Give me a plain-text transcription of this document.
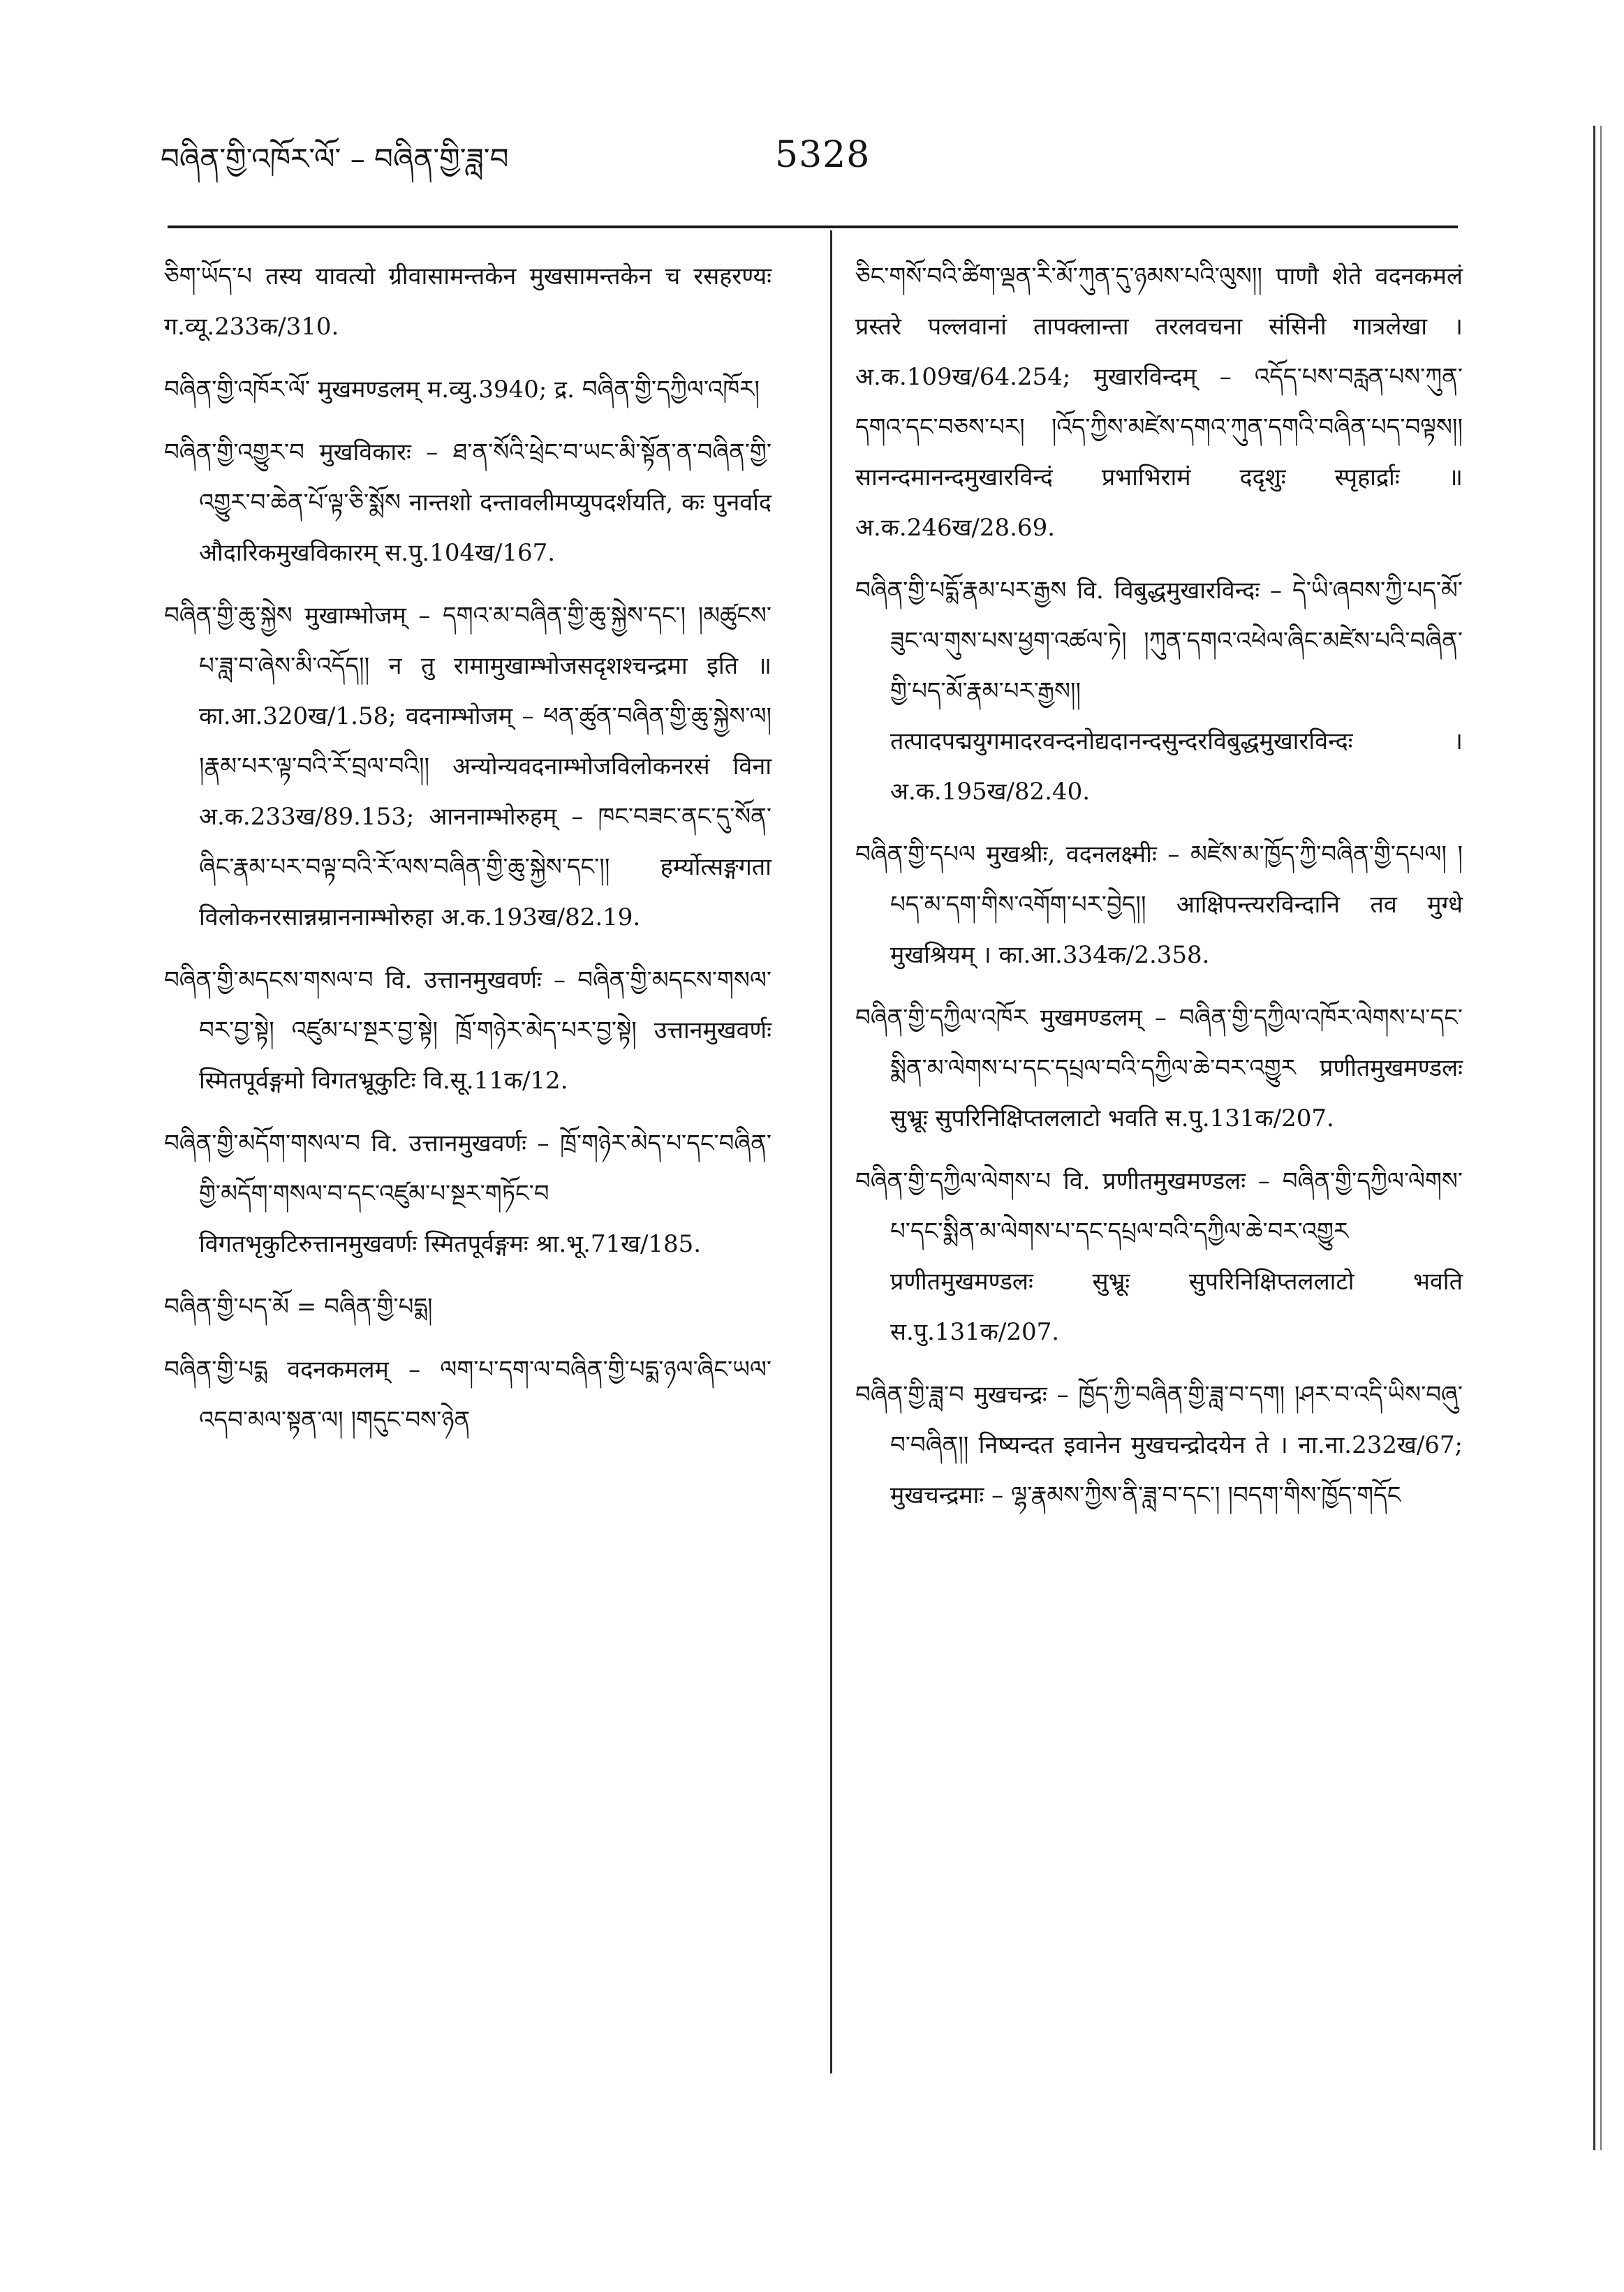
བཞིན་གྱི་འཁོར་ལོ་ – བཞིན་གྱི་ཟླ་བ	5328

ཅིག་ཡོད་པ तस्य यावत्यो ग्रीवासामन्तकेन मुखसामन्तकेन च रसहरण्यः ग.व्यू.233क/310.

བཞིན་གྱི་འཁོར་ལོ་ मुखमण्डलम् म.व्यु.3940; द्र. བཞིན་གྱི་དཀྱིལ་འཁོར།

བཞིན་གྱི་འགྱུར་བ मुखविकारः – ཐ་ན་སོའི་ཕྲེང་བ་ཡང་མི་སྟོན་ན་བཞིན་གྱི་འགྱུར་བ་ཆེན་པོ་ལྟ་ཅི་སྨོས नान्तशो दन्तावलीमप्युपदर्शयति, कः पुनर्वाद औदारिकमुखविकारम् स.पु.104ख/167.

བཞིན་གྱི་ཆུ་སྐྱེས मुखाम्भोजम् – དགའ་མ་བཞིན་གྱི་ཆུ་སྐྱེས་དང་། །མཚུངས་པ་ཟླ་བ་ཞེས་མི་འདོད།། न तु रामामुखाम्भोजसदृशश्चन्द्रमा इति ॥ का.आ.320ख/1.58; वदनाम्भोजम् – ཕན་ཚུན་བཞིན་གྱི་ཆུ་སྐྱེས་ལ། །རྣམ་པར་ལྟ་བའི་རོ་བྲལ་བའི།། अन्योन्यवदनाम्भोजविलोकनरसं विना अ.क.233ख/89.153; आननाम्भोरुहम् – ཁང་བཟང་ནང་དུ་སོན་ཞིང་རྣམ་པར་བལྟ་བའི་རོ་ལས་བཞིན་གྱི་ཆུ་སྐྱེས་དང་།། हर्म्योत्सङ्गगता विलोकनरसान्नम्राननाम्भोरुहा अ.क.193ख/82.19.

བཞིན་གྱི་མདངས་གསལ་བ वि. उत्तानमुखवर्णः – བཞིན་གྱི་མདངས་གསལ་བར་བྱ་སྟེ། འཛུམ་པ་སྔར་བྱ་སྟེ། ཁྲོ་གཉེར་མེད་པར་བྱ་སྟེ། उत्तानमुखवर्णः स्मितपूर्वङ्गमो विगतभ्रूकुटिः वि.सू.11क/12.

བཞིན་གྱི་མདོག་གསལ་བ वि. उत्तानमुखवर्णः – ཁྲོ་གཉེར་མེད་པ་དང་བཞིན་གྱི་མདོག་གསལ་བ་དང་འཛུམ་པ་སྔར་གཏོང་བ विगतभृकुटिरुत्तानमुखवर्णः स्मितपूर्वङ्गमः श्रा.भू.71ख/185.

བཞིན་གྱི་པད་མོ = བཞིན་གྱི་པདྨ།

བཞིན་གྱི་པདྨ वदनकमलम् – ལག་པ་དག་ལ་བཞིན་གྱི་པདྨ་ཉལ་ཞིང་ཡལ་འདབ་མལ་སྟན་ལ། །གདུང་བས་ཉེན

ཅིང་གསོ་བའི་ཚིག་ལྡན་རི་མོ་ཀུན་དུ་ཉམས་པའི་ལུས།། पाणौ शेते वदनकमलं प्रस्तरे पल्लवानां तापक्लान्ता तरलवचना संसिनी गात्रलेखा । अ.क.109ख/64.254; मुखारविन्दम् – འདོད་པས་བརླན་པས་ཀུན་དགའ་དང་བཅས་པར། །འོད་ཀྱིས་མཛེས་དགའ་ཀུན་དགའི་བཞིན་པད་བལྟས།། सानन्दमानन्दमुखारविन्दं प्रभाभिरामं ददृशुः स्पृहार्द्राः ॥ अ.क.246ख/28.69.

བཞིན་གྱི་པདྨོ་རྣམ་པར་རྒྱས वि. विबुद्धमुखारविन्दः – དེ་ཡི་ཞབས་ཀྱི་པད་མོ་ཟུང་ལ་གུས་པས་ཕྱག་འཚལ་ཏེ། །ཀུན་དགའ་འཕེལ་ཞིང་མཛེས་པའི་བཞིན་གྱི་པད་མོ་རྣམ་པར་རྒྱས།། तत्पादपद्मयुगमादरवन्दनोद्यदानन्दसुन्दरविबुद्धमुखारविन्दः । अ.क.195ख/82.40.

བཞིན་གྱི་དཔལ मुखश्रीः, वदनलक्ष्मीः – མཛེས་མ་ཁྱོད་ཀྱི་བཞིན་གྱི་དཔལ། །པད་མ་དག་གིས་འགོག་པར་བྱེད།། आक्षिपन्त्यरविन्दानि तव मुग्धे मुखश्रियम् । का.आ.334क/2.358.

བཞིན་གྱི་དཀྱིལ་འཁོར मुखमण्डलम् – བཞིན་གྱི་དཀྱིལ་འཁོར་ལེགས་པ་དང་སྨིན་མ་ལེགས་པ་དང་དཔྲལ་བའི་དཀྱིལ་ཆེ་བར་འགྱུར प्रणीतमुखमण्डलः सुभ्रूः सुपरिनिक्षिप्तललाटो भवति स.पु.131क/207.

བཞིན་གྱི་དཀྱིལ་ལེགས་པ वि. प्रणीतमुखमण्डलः – བཞིན་གྱི་དཀྱིལ་ལེགས་པ་དང་སྨིན་མ་ལེགས་པ་དང་དཔྲལ་བའི་དཀྱིལ་ཆེ་བར་འགྱུར प्रणीतमुखमण्डलः सुभ्रूः सुपरिनिक्षिप्तललाटो भवति स.पु.131क/207.

བཞིན་གྱི་ཟླ་བ मुखचन्द्रः – ཁྱོད་ཀྱི་བཞིན་གྱི་ཟླ་བ་དག། །ཤར་བ་འདི་ཡིས་བཞུ་བ་བཞིན།། निष्यन्दत इवानेन मुखचन्द्रोदयेन ते । ना.ना.232ख/67; मुखचन्द्रमाः – ལྷ་རྣམས་ཀྱིས་ནི་ཟླ་བ་དང་། །བདག་གིས་ཁྱོད་གདོང
